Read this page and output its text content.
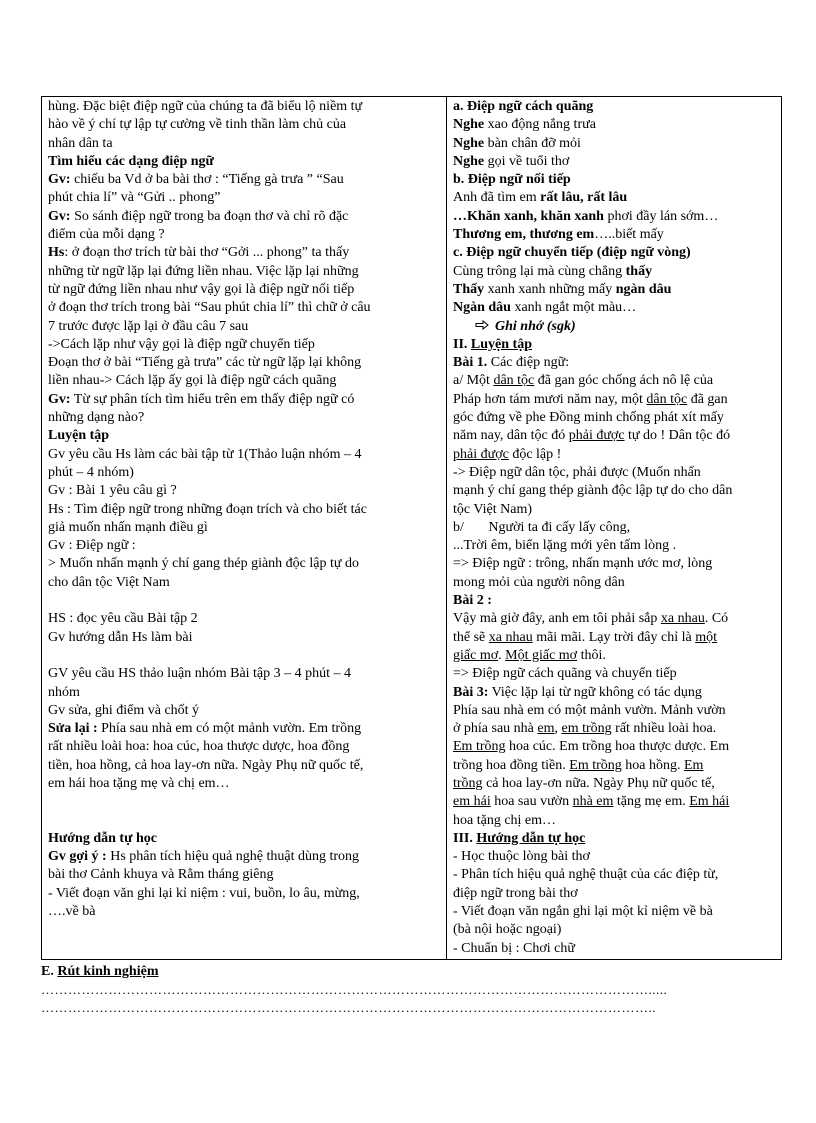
hùng. Đặc biệt điệp ngữ của chúng ta đã biểu lộ niềm tự
hào về ý chí tự lập tự cường về tinh thần làm chủ của
nhân dân ta
Tìm hiểu các dạng điệp ngữ
Gv: chiếu ba Vd ở ba bài thơ : “Tiếng gà trưa ” “Sau
phút chia lí” và “Gửi .. phong”
Gv: So sánh điệp ngữ trong ba đoạn thơ và chỉ rõ đặc
điểm của mỗi dạng ?
Hs: ở đoạn thơ trích từ bài thơ “Gởi ... phong” ta thấy
những từ ngữ lặp lại đứng liền nhau. Việc lặp lại những
từ ngữ đứng liền nhau như vậy gọi là điệp ngữ nối tiếp
ở đoạn thơ trích trong bài “Sau phút chia lí” thì chữ ở câu
7 trước được lặp lại ở đầu câu 7 sau
->Cách lặp như vậy gọi là điệp ngữ chuyển tiếp
Đoạn thơ ở bài “Tiếng gà trưa” các từ ngữ lặp lại không
liền nhau-> Cách lặp ấy gọi là điệp ngữ cách quãng
Gv: Từ sự phân tích tìm hiểu trên em thấy điệp ngữ có
những dạng nào?
Luyện tập
Gv yêu cầu Hs làm các bài tập từ 1(Thảo luận nhóm – 4
phút – 4 nhóm)
Gv : Bài 1 yêu câu gì ?
Hs : Tìm điệp ngữ trong những đoạn trích và cho biết tác
giả muốn nhấn mạnh điều gì
Gv : Điệp ngữ :
> Muốn nhấn mạnh ý chí gang thép giành độc lập tự do
cho dân tộc Việt Nam
HS : đọc yêu cầu Bài tập 2
Gv hướng dẫn Hs làm bài
GV yêu cầu HS thảo luận nhóm Bài tập 3 – 4 phút – 4
nhóm
Gv sửa, ghi điểm và chốt ý
Sửa lại : Phía sau nhà em có một mảnh vườn. Em trồng
rất nhiều loài hoa: hoa cúc, hoa thược dược, hoa đồng
tiền, hoa hồng, cả hoa lay-ơn nữa. Ngày Phụ nữ quốc tế,
em hái hoa tặng mẹ và chị em…
Hướng dẫn tự học
Gv gợi ý : Hs phân tích hiệu quả nghệ thuật dùng trong
bài thơ Cảnh khuya và Rằm tháng giêng
- Viết đoạn văn ghi lại kỉ niệm : vui, buồn, lo âu, mừng,
….về bà

a. Điệp ngữ cách quãng
Nghe xao động nắng trưa
Nghe bàn chân đỡ mỏi
Nghe gọi về tuổi thơ
b. Điệp ngữ nối tiếp
Anh đã tìm em rất lâu, rất lâu
…Khăn xanh, khăn xanh phơi đầy lán sớm…
Thương em, thương em…..biết mấy
c. Điệp ngữ chuyển tiếp (điệp ngữ vòng)
Cùng trông lại mà cùng chẳng thấy
Thấy xanh xanh những mấy ngàn dâu
Ngàn dâu xanh ngắt một màu…
Ghi nhớ (sgk)
II. Luyện tập
Bài 1. Các điệp ngữ:
a/ Một dân tộc đã gan góc chống ách nô lệ của
Pháp hơn tám mươi năm nay, một dân tộc đã gan
góc đứng về phe Đồng minh chống phát xít mấy
năm nay, dân tộc đó phải được tự do ! Dân tộc đó
phải được độc lập !
-> Điệp ngữ dân tộc, phải được (Muốn nhấn
mạnh ý chí gang thép giành độc lập tự do cho dân
tộc Việt Nam)
b/       Người ta đi cấy lấy công,
...Trời êm, biển lặng mới yên tấm lòng .
=> Điệp ngữ : trông, nhấn mạnh ước mơ, lòng
mong mỏi của người nông dân
Bài 2 :
Vậy mà giờ đây, anh em tôi phải sắp xa nhau. Có
thể sẽ xa nhau mãi mãi. Lạy trời đây chỉ là một
giấc mơ. Một giấc mơ thôi.
=> Điệp ngữ cách quãng và chuyển tiếp
Bài 3: Việc lặp lại từ ngữ không có tác dụng
Phía sau nhà em có một mảnh vườn. Mảnh vườn
ở phía sau nhà em, em trồng rất nhiều loài hoa.
Em trồng hoa cúc. Em trồng hoa thược dược. Em
trồng hoa đồng tiền. Em trồng hoa hồng. Em
trồng cả hoa lay-ơn nữa. Ngày Phụ nữ quốc tế,
em hái hoa sau vườn nhà em tặng mẹ em. Em hái
hoa tặng chị em…
III. Hướng dẫn tự học
- Học thuộc lòng bài thơ
- Phân tích hiệu quả nghệ thuật của các điệp từ,
điệp ngữ trong bài thơ
- Viết đoạn văn ngắn ghi lại một kỉ niệm về bà
(bà nội hoặc ngoại)
- Chuẩn bị : Chơi chữ
E. Rút kinh nghiệm
……………………………………………………………………………………………………………………….....
………………………………………………………………………………………………………………………..
